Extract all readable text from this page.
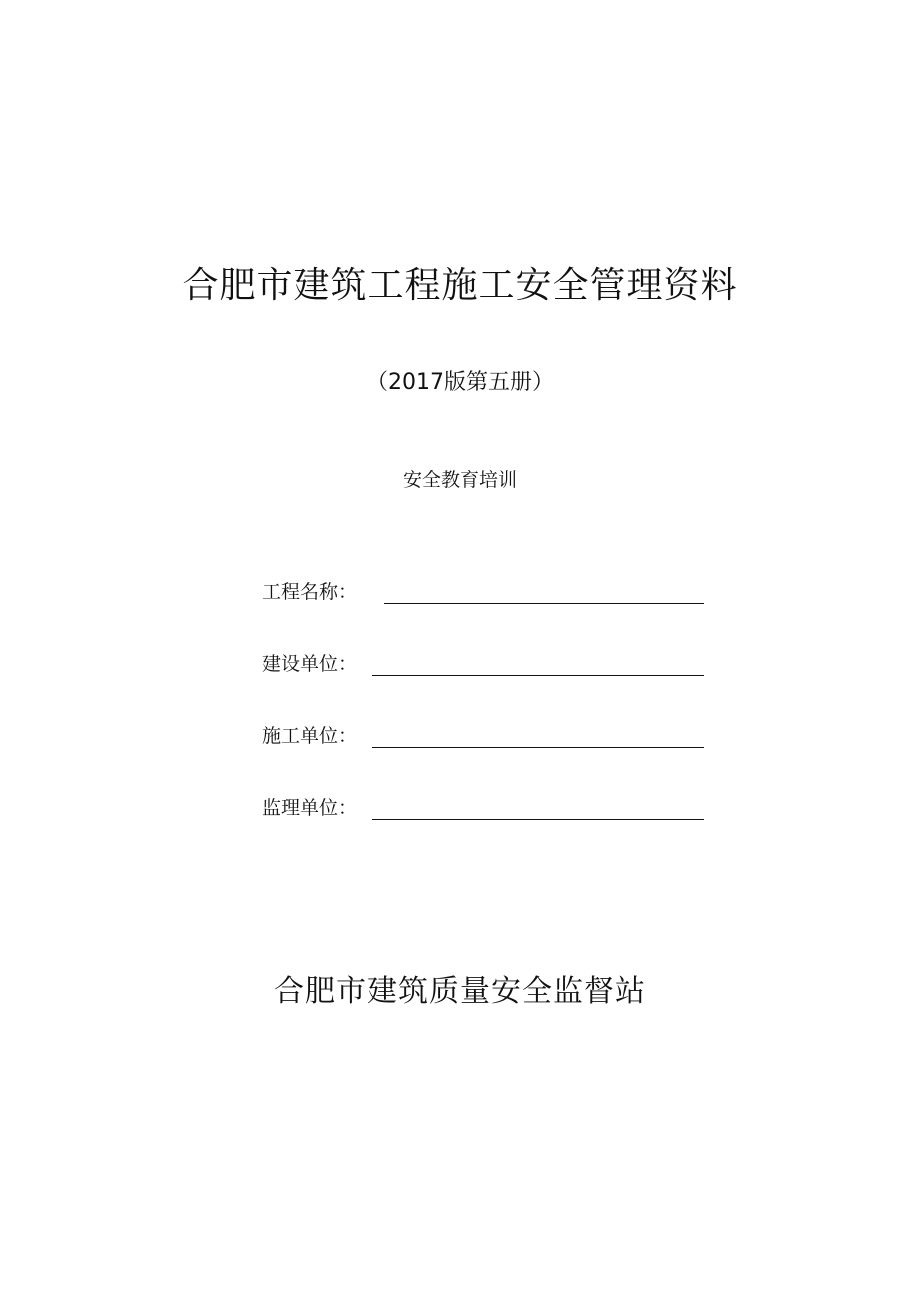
合肥市建筑工程施工安全管理资料

（2017版第五册）

安全教育培训

工程名称：
建设单位：
施工单位：
监理单位：

合肥市建筑质量安全监督站
